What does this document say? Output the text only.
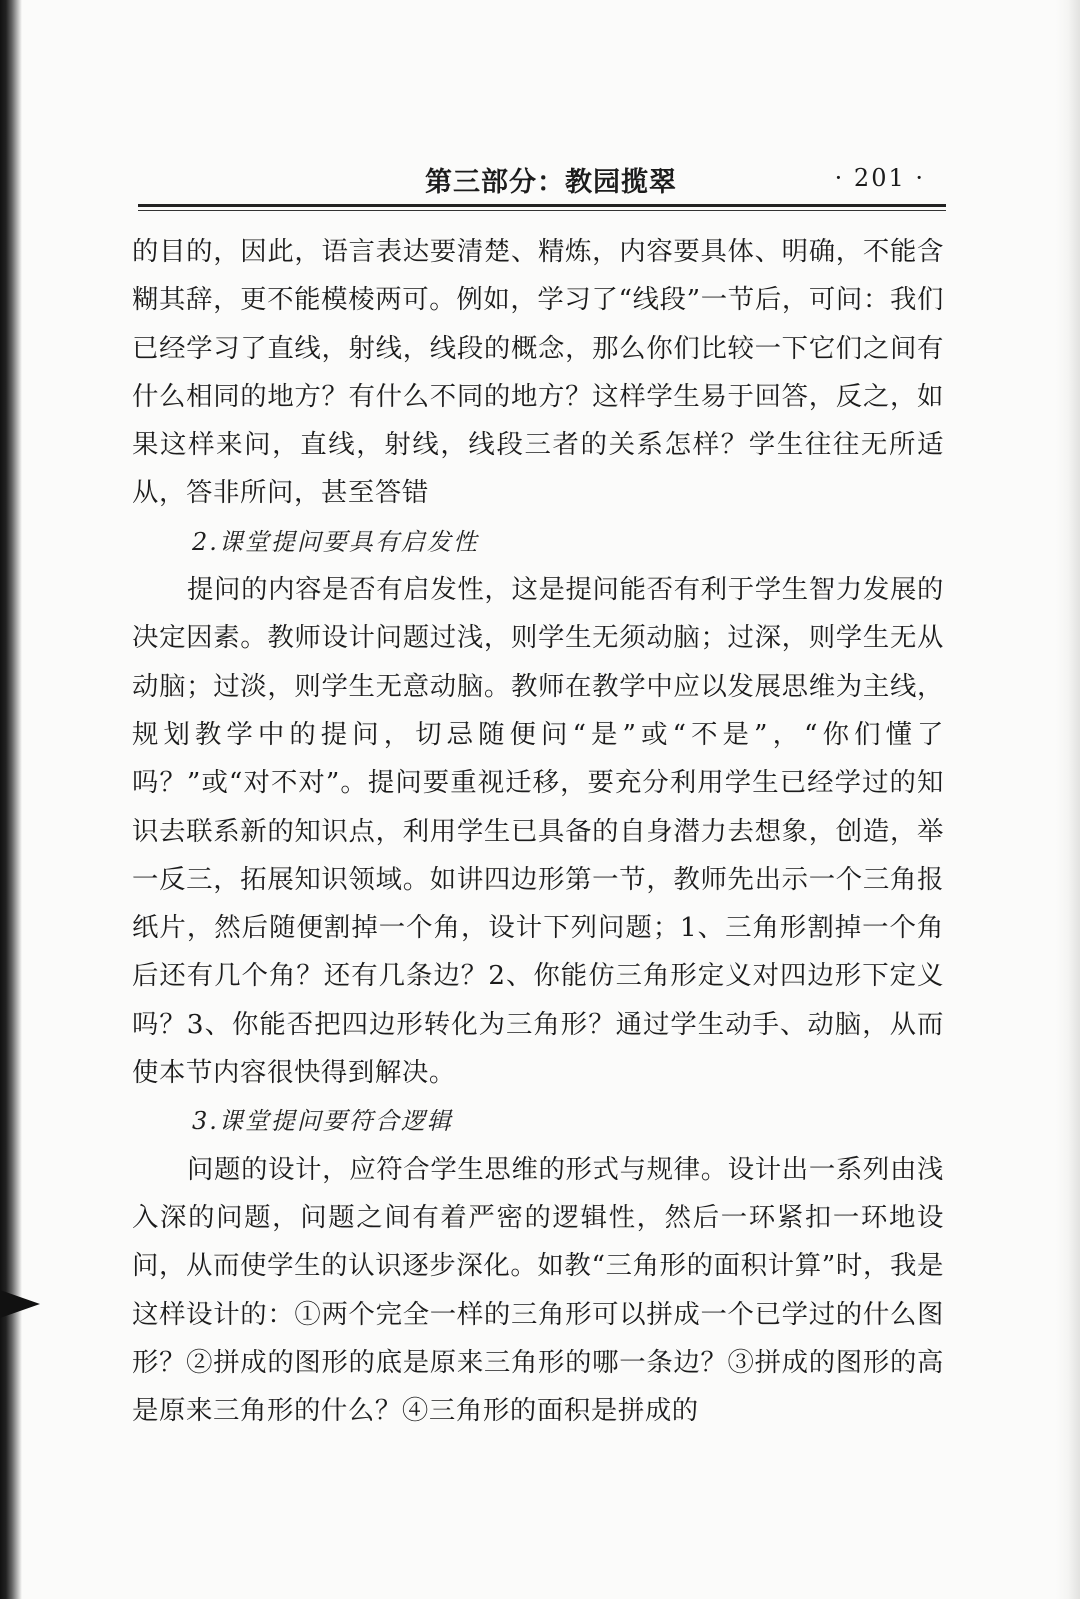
第三部分：教园揽翠	· 201 ·

的目的，因此，语言表达要清楚、精炼，内容要具体、明确，不能含糊其辞，更不能模棱两可。例如，学习了“线段”一节后，可问：我们已经学习了直线，射线，线段的概念，那么你们比较一下它们之间有什么相同的地方？有什么不同的地方？这样学生易于回答，反之，如果这样来问，直线，射线，线段三者的关系怎样？学生往往无所适从，答非所问，甚至答错

2.课堂提问要具有启发性

提问的内容是否有启发性，这是提问能否有利于学生智力发展的决定因素。教师设计问题过浅，则学生无须动脑；过深，则学生无从动脑；过淡，则学生无意动脑。教师在教学中应以发展思维为主线，规划教学中的提问，切忌随便问“是”或“不是”，“你们懂了吗？”或“对不对”。提问要重视迁移，要充分利用学生已经学过的知识去联系新的知识点，利用学生已具备的自身潜力去想象，创造，举一反三，拓展知识领域。如讲四边形第一节，教师先出示一个三角报纸片，然后随便割掉一个角，设计下列问题；1、三角形割掉一个角后还有几个角？还有几条边？2、你能仿三角形定义对四边形下定义吗？3、你能否把四边形转化为三角形？通过学生动手、动脑，从而使本节内容很快得到解决。

3.课堂提问要符合逻辑

问题的设计，应符合学生思维的形式与规律。设计出一系列由浅入深的问题，问题之间有着严密的逻辑性，然后一环紧扣一环地设问，从而使学生的认识逐步深化。如教“三角形的面积计算”时，我是这样设计的：①两个完全一样的三角形可以拼成一个已学过的什么图形？②拼成的图形的底是原来三角形的哪一条边？③拼成的图形的高是原来三角形的什么？④三角形的面积是拼成的
